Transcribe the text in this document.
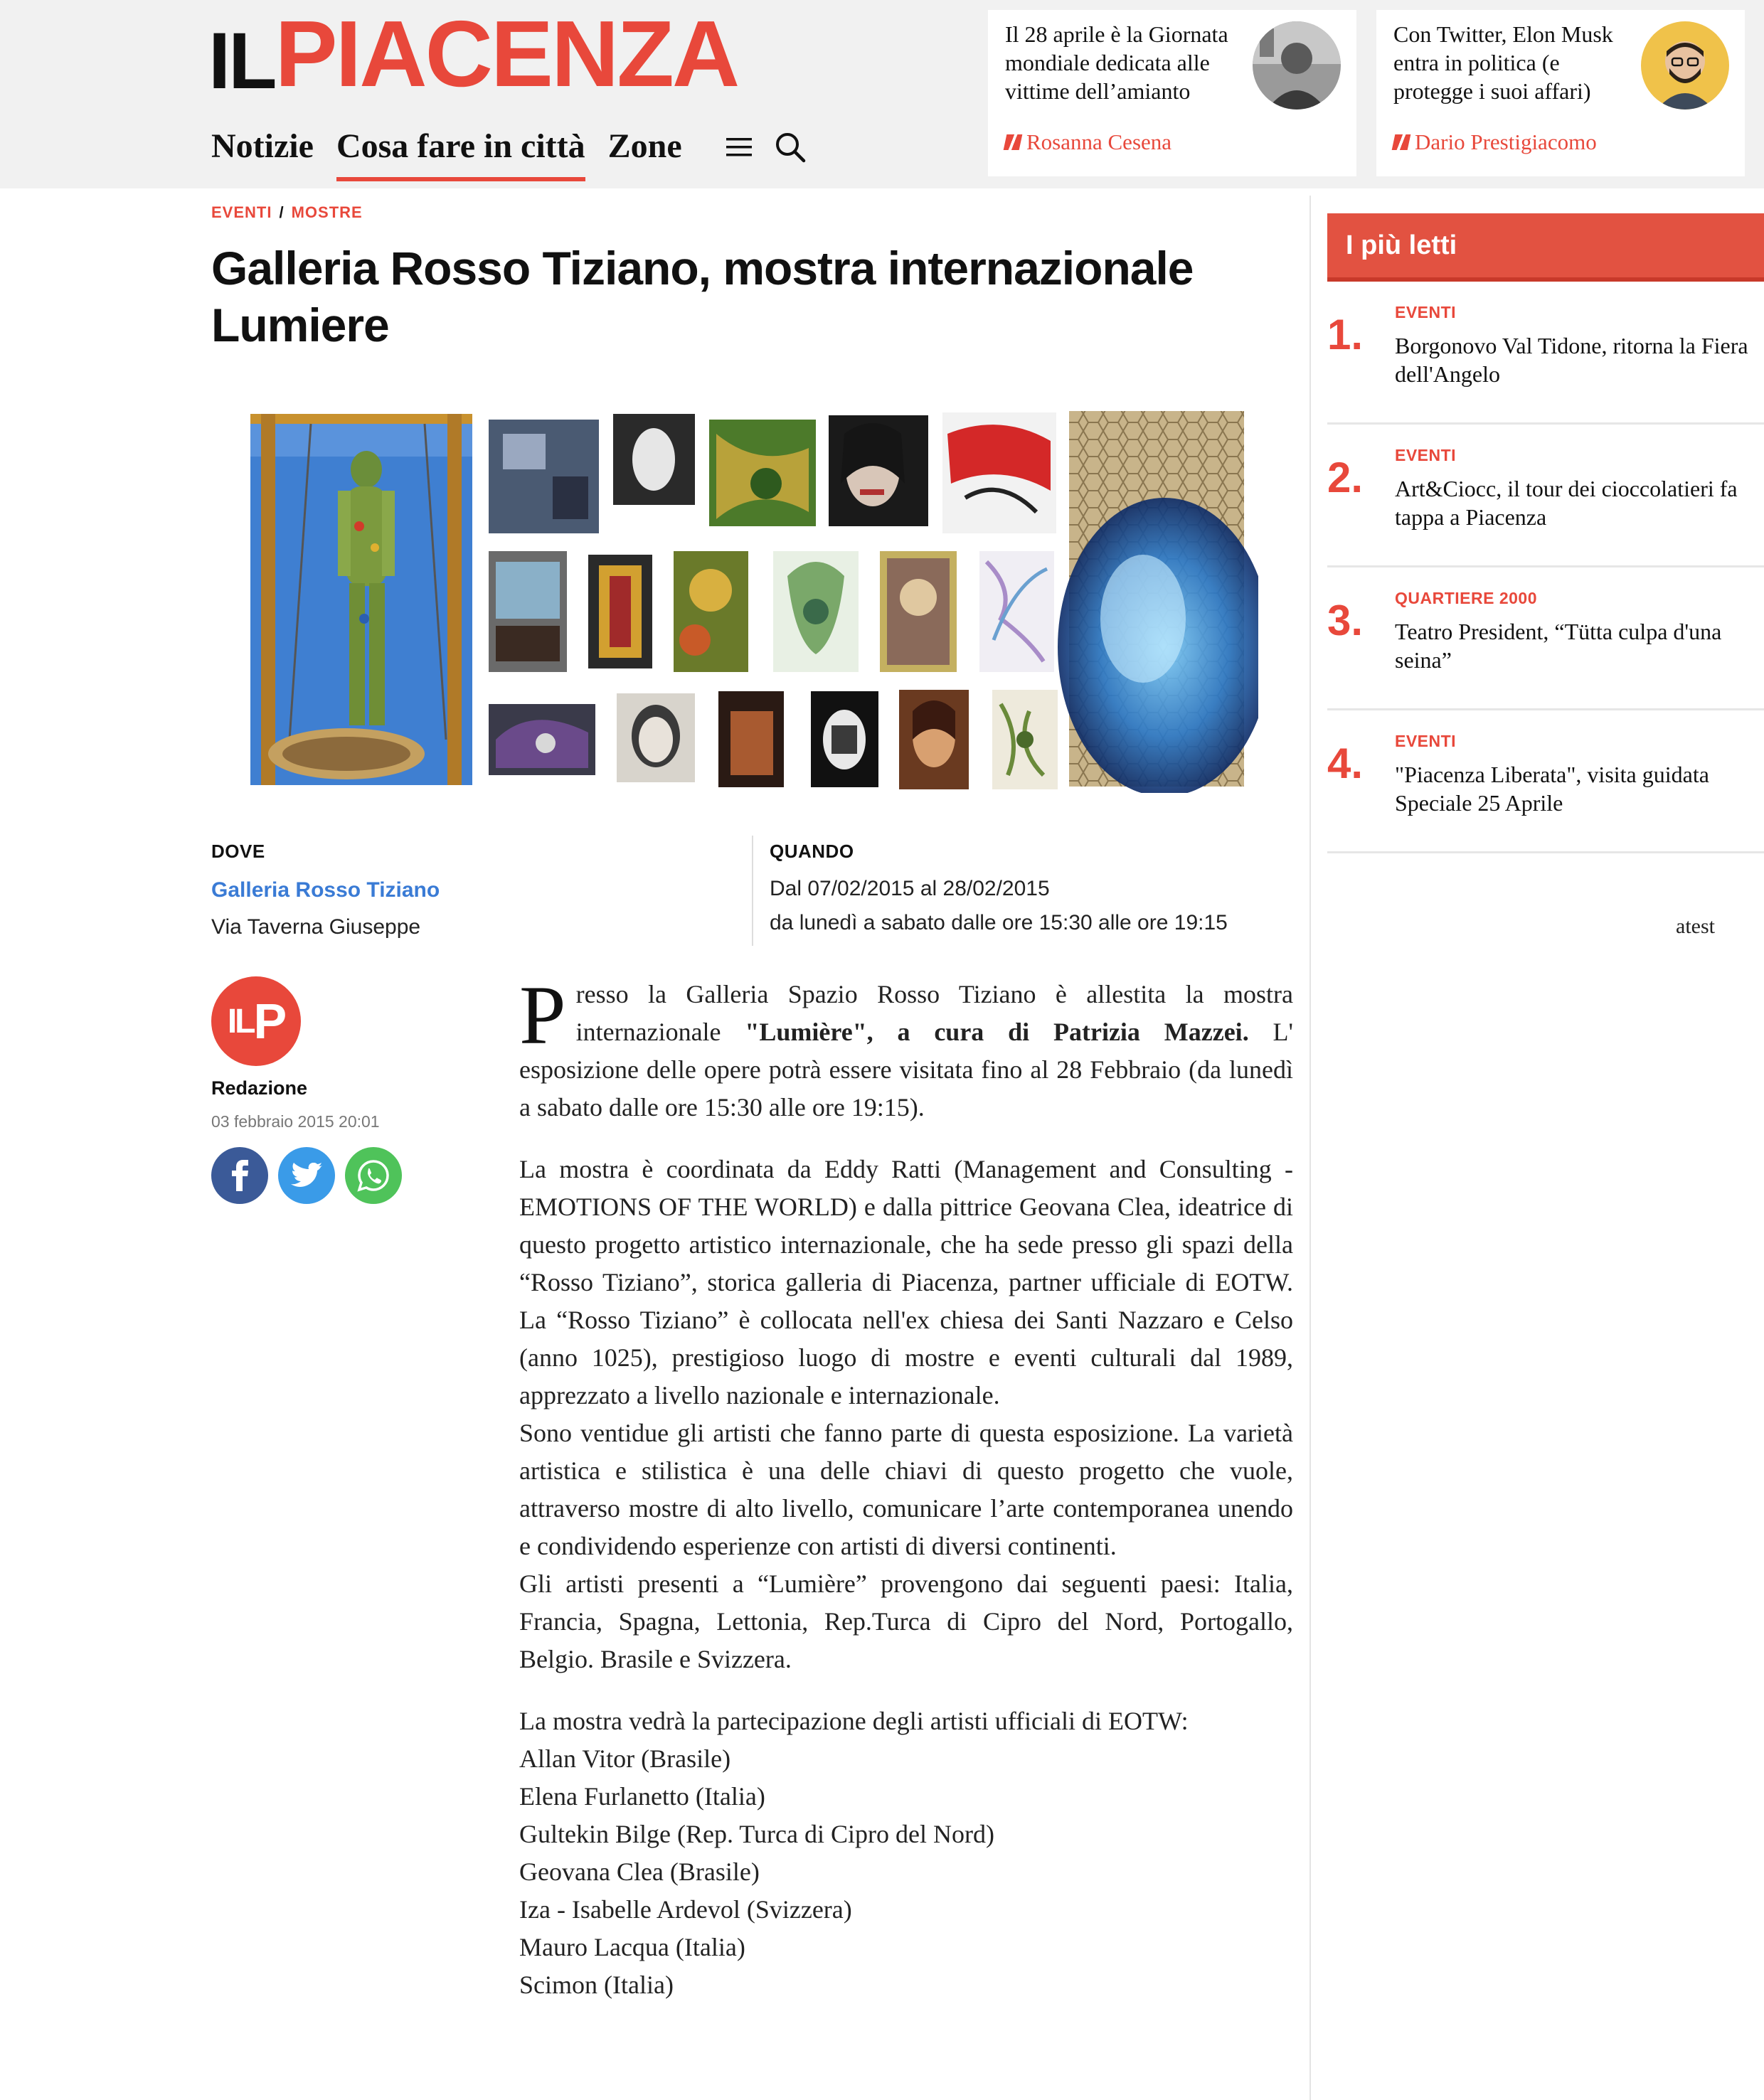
IL PIACENZA
Notizie Cosa fare in città Zone
Il 28 aprile è la Giornata mondiale dedicata alle vittime dell’amianto
Rosanna Cesena
Con Twitter, Elon Musk entra in politica (e protegge i suoi affari)
Dario Prestigiacomo
EVENTI / MOSTRE
Galleria Rosso Tiziano, mostra internazionale Lumiere
DOVE
Galleria Rosso Tiziano
Via Taverna Giuseppe
QUANDO
Dal 07/02/2015 al 28/02/2015
da lunedì a sabato dalle ore 15:30 alle ore 19:15
IL P
Redazione
03 febbraio 2015 20:01

Presso la Galleria Spazio Rosso Tiziano è allestita la mostra internazionale "Lumière", a cura di Patrizia Mazzei. L' esposizione delle opere potrà essere visitata fino al 28 Febbraio (da lunedì a sabato dalle ore 15:30 alle ore 19:15).

La mostra è coordinata da Eddy Ratti (Management and Consulting - EMOTIONS OF THE WORLD) e dalla pittrice Geovana Clea, ideatrice di questo progetto artistico internazionale, che ha sede presso gli spazi della “Rosso Tiziano”, storica galleria di Piacenza, partner ufficiale di EOTW. La “Rosso Tiziano” è collocata nell'ex chiesa dei Santi Nazzaro e Celso (anno 1025), prestigioso luogo di mostre e eventi culturali dal 1989, apprezzato a livello nazionale e internazionale.

Sono ventidue gli artisti che fanno parte di questa esposizione. La varietà artistica e stilistica è una delle chiavi di questo progetto che vuole, attraverso mostre di alto livello, comunicare l’arte contemporanea unendo e condividendo esperienze con artisti di diversi continenti.

Gli artisti presenti a “Lumière” provengono dai seguenti paesi: Italia, Francia, Spagna, Lettonia, Rep.Turca di Cipro del Nord, Portogallo, Belgio. Brasile e Svizzera.

La mostra vedrà la partecipazione degli artisti ufficiali di EOTW:

Allan Vitor (Brasile)

Elena Furlanetto (Italia)

Gultekin Bilge (Rep. Turca di Cipro del Nord)

Geovana Clea (Brasile)

Iza - Isabelle Ardevol (Svizzera)

Mauro Lacqua (Italia)

Scimon (Italia)

I più letti
1. EVENTI
Borgonovo Val Tidone, ritorna la Fiera dell'Angelo
2. EVENTI
Art&Ciocc, il tour dei cioccolatieri fa tappa a Piacenza
3. QUARTIERE 2000
Teatro President, “Tütta culpa d'una seina”
4. EVENTI
"Piacenza Liberata", visita guidata Speciale 25 Aprile
atest
